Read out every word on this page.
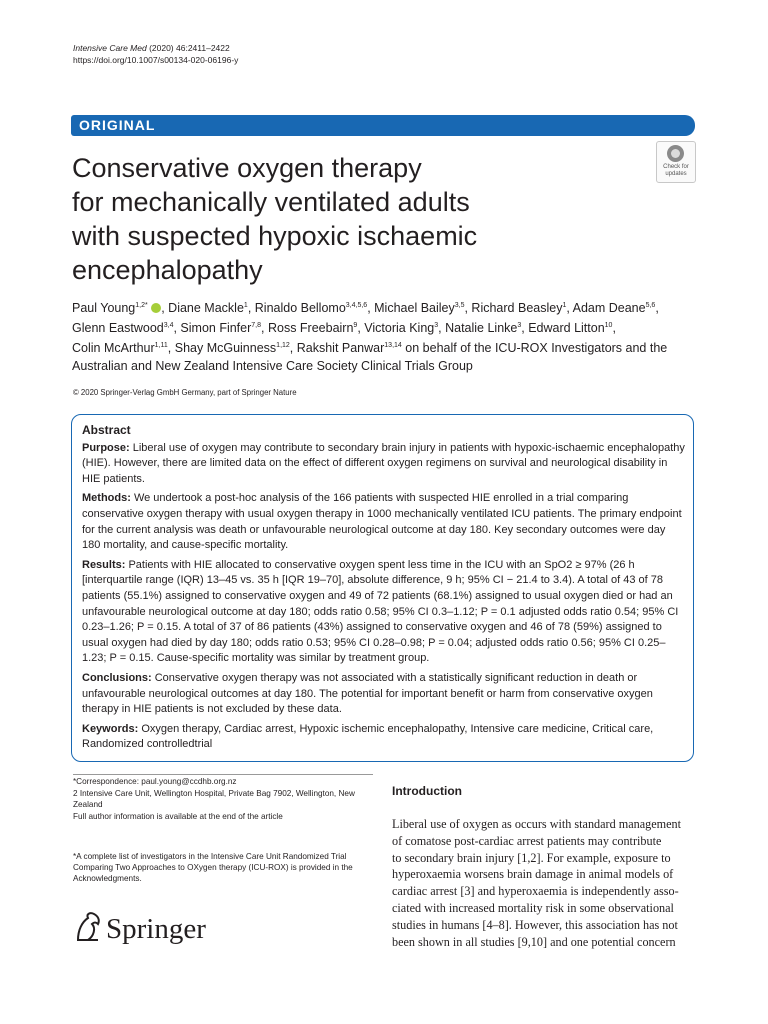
Intensive Care Med (2020) 46:2411–2422
https://doi.org/10.1007/s00134-020-06196-y
ORIGINAL
Conservative oxygen therapy
for mechanically ventilated adults
with suspected hypoxic ischaemic
encephalopathy
Check for updates
Paul Young$^{1,2*}$ , Diane Mackle$^1$, Rinaldo Bellomo$^{3,4,5,6}$, Michael Bailey$^{3,5}$, Richard Beasley$^1$, Adam Deane$^{5,6}$,
Glenn Eastwood$^{3,4}$, Simon Finfer$^{7,8}$, Ross Freebairn$^9$, Victoria King$^3$, Natalie Linke$^3$, Edward Litton$^{10}$,
Colin McArthur$^{1,11}$, Shay McGuinness$^{1,12}$, Rakshit Panwar$^{13,14}$ on behalf of the ICU-ROX Investigators and the
Australian and New Zealand Intensive Care Society Clinical Trials Group
© 2020 Springer-Verlag GmbH Germany, part of Springer Nature
Abstract
Purpose: Liberal use of oxygen may contribute to secondary brain injury in patients with hypoxic-ischaemic encephalopathy (HIE). However, there are limited data on the effect of different oxygen regimens on survival and neurological disability in HIE patients.
Methods: We undertook a post-hoc analysis of the 166 patients with suspected HIE enrolled in a trial comparing conservative oxygen therapy with usual oxygen therapy in 1000 mechanically ventilated ICU patients. The primary endpoint for the current analysis was death or unfavourable neurological outcome at day 180. Key secondary outcomes were day 180 mortality, and cause-specific mortality.
Results: Patients with HIE allocated to conservative oxygen spent less time in the ICU with an SpO2 ≥ 97% (26 h [interquartile range (IQR) 13–45 vs. 35 h [IQR 19–70], absolute difference, 9 h; 95% CI − 21.4 to 3.4). A total of 43 of 78 patients (55.1%) assigned to conservative oxygen and 49 of 72 patients (68.1%) assigned to usual oxygen died or had an unfavourable neurological outcome at day 180; odds ratio 0.58; 95% CI 0.3–1.12; P = 0.1 adjusted odds ratio 0.54; 95% CI 0.23–1.26; P = 0.15. A total of 37 of 86 patients (43%) assigned to conservative oxygen and 46 of 78 (59%) assigned to usual oxygen had died by day 180; odds ratio 0.53; 95% CI 0.28–0.98; P = 0.04; adjusted odds ratio 0.56; 95% CI 0.25–1.23; P = 0.15. Cause-specific mortality was similar by treatment group.
Conclusions: Conservative oxygen therapy was not associated with a statistically significant reduction in death or unfavourable neurological outcomes at day 180. The potential for important benefit or harm from conservative oxygen therapy in HIE patients is not excluded by these data.
Keywords: Oxygen therapy, Cardiac arrest, Hypoxic ischemic encephalopathy, Intensive care medicine, Critical care, Randomized controlledtrial
*Correspondence: paul.young@ccdhb.org.nz
2 Intensive Care Unit, Wellington Hospital, Private Bag 7902, Wellington, New Zealand
Full author information is available at the end of the article
*A complete list of investigators in the Intensive Care Unit Randomized Trial Comparing Two Approaches to OXygen therapy (ICU-ROX) is provided in the Acknowledgments.
Introduction
Liberal use of oxygen as occurs with standard management
of comatose post-cardiac arrest patients may contribute
to secondary brain injury [1,2]. For example, exposure to
hyperoxaemia worsens brain damage in animal models of
cardiac arrest [3] and hyperoxaemia is independently asso-
ciated with increased mortality risk in some observational
studies in humans [4–8]. However, this association has not
been shown in all studies [9,10] and one potential concern
Springer
